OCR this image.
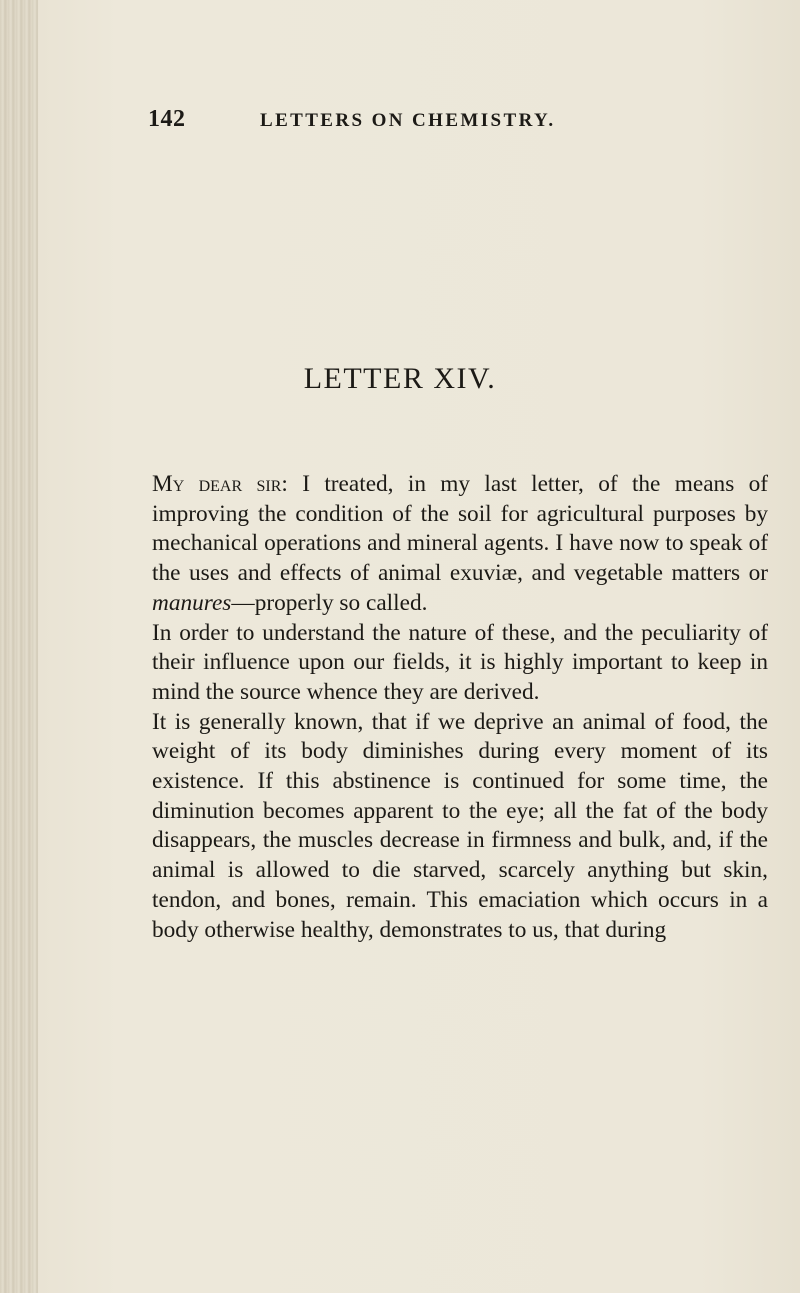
142	LETTERS ON CHEMISTRY.
LETTER XIV.

My dear sir: I treated, in my last letter, of the means of improving the condition of the soil for agricultural purposes by mechanical operations and mineral agents. I have now to speak of the uses and effects of animal exuviæ, and vegetable matters or manures—properly so called.

In order to understand the nature of these, and the peculiarity of their influence upon our fields, it is highly important to keep in mind the source whence they are derived.

It is generally known, that if we deprive an animal of food, the weight of its body diminishes during every moment of its existence. If this abstinence is continued for some time, the diminution becomes apparent to the eye; all the fat of the body disappears, the muscles decrease in firmness and bulk, and, if the animal is allowed to die starved, scarcely anything but skin, tendon, and bones, remain. This emaciation which occurs in a body otherwise healthy, demonstrates to us, that during
